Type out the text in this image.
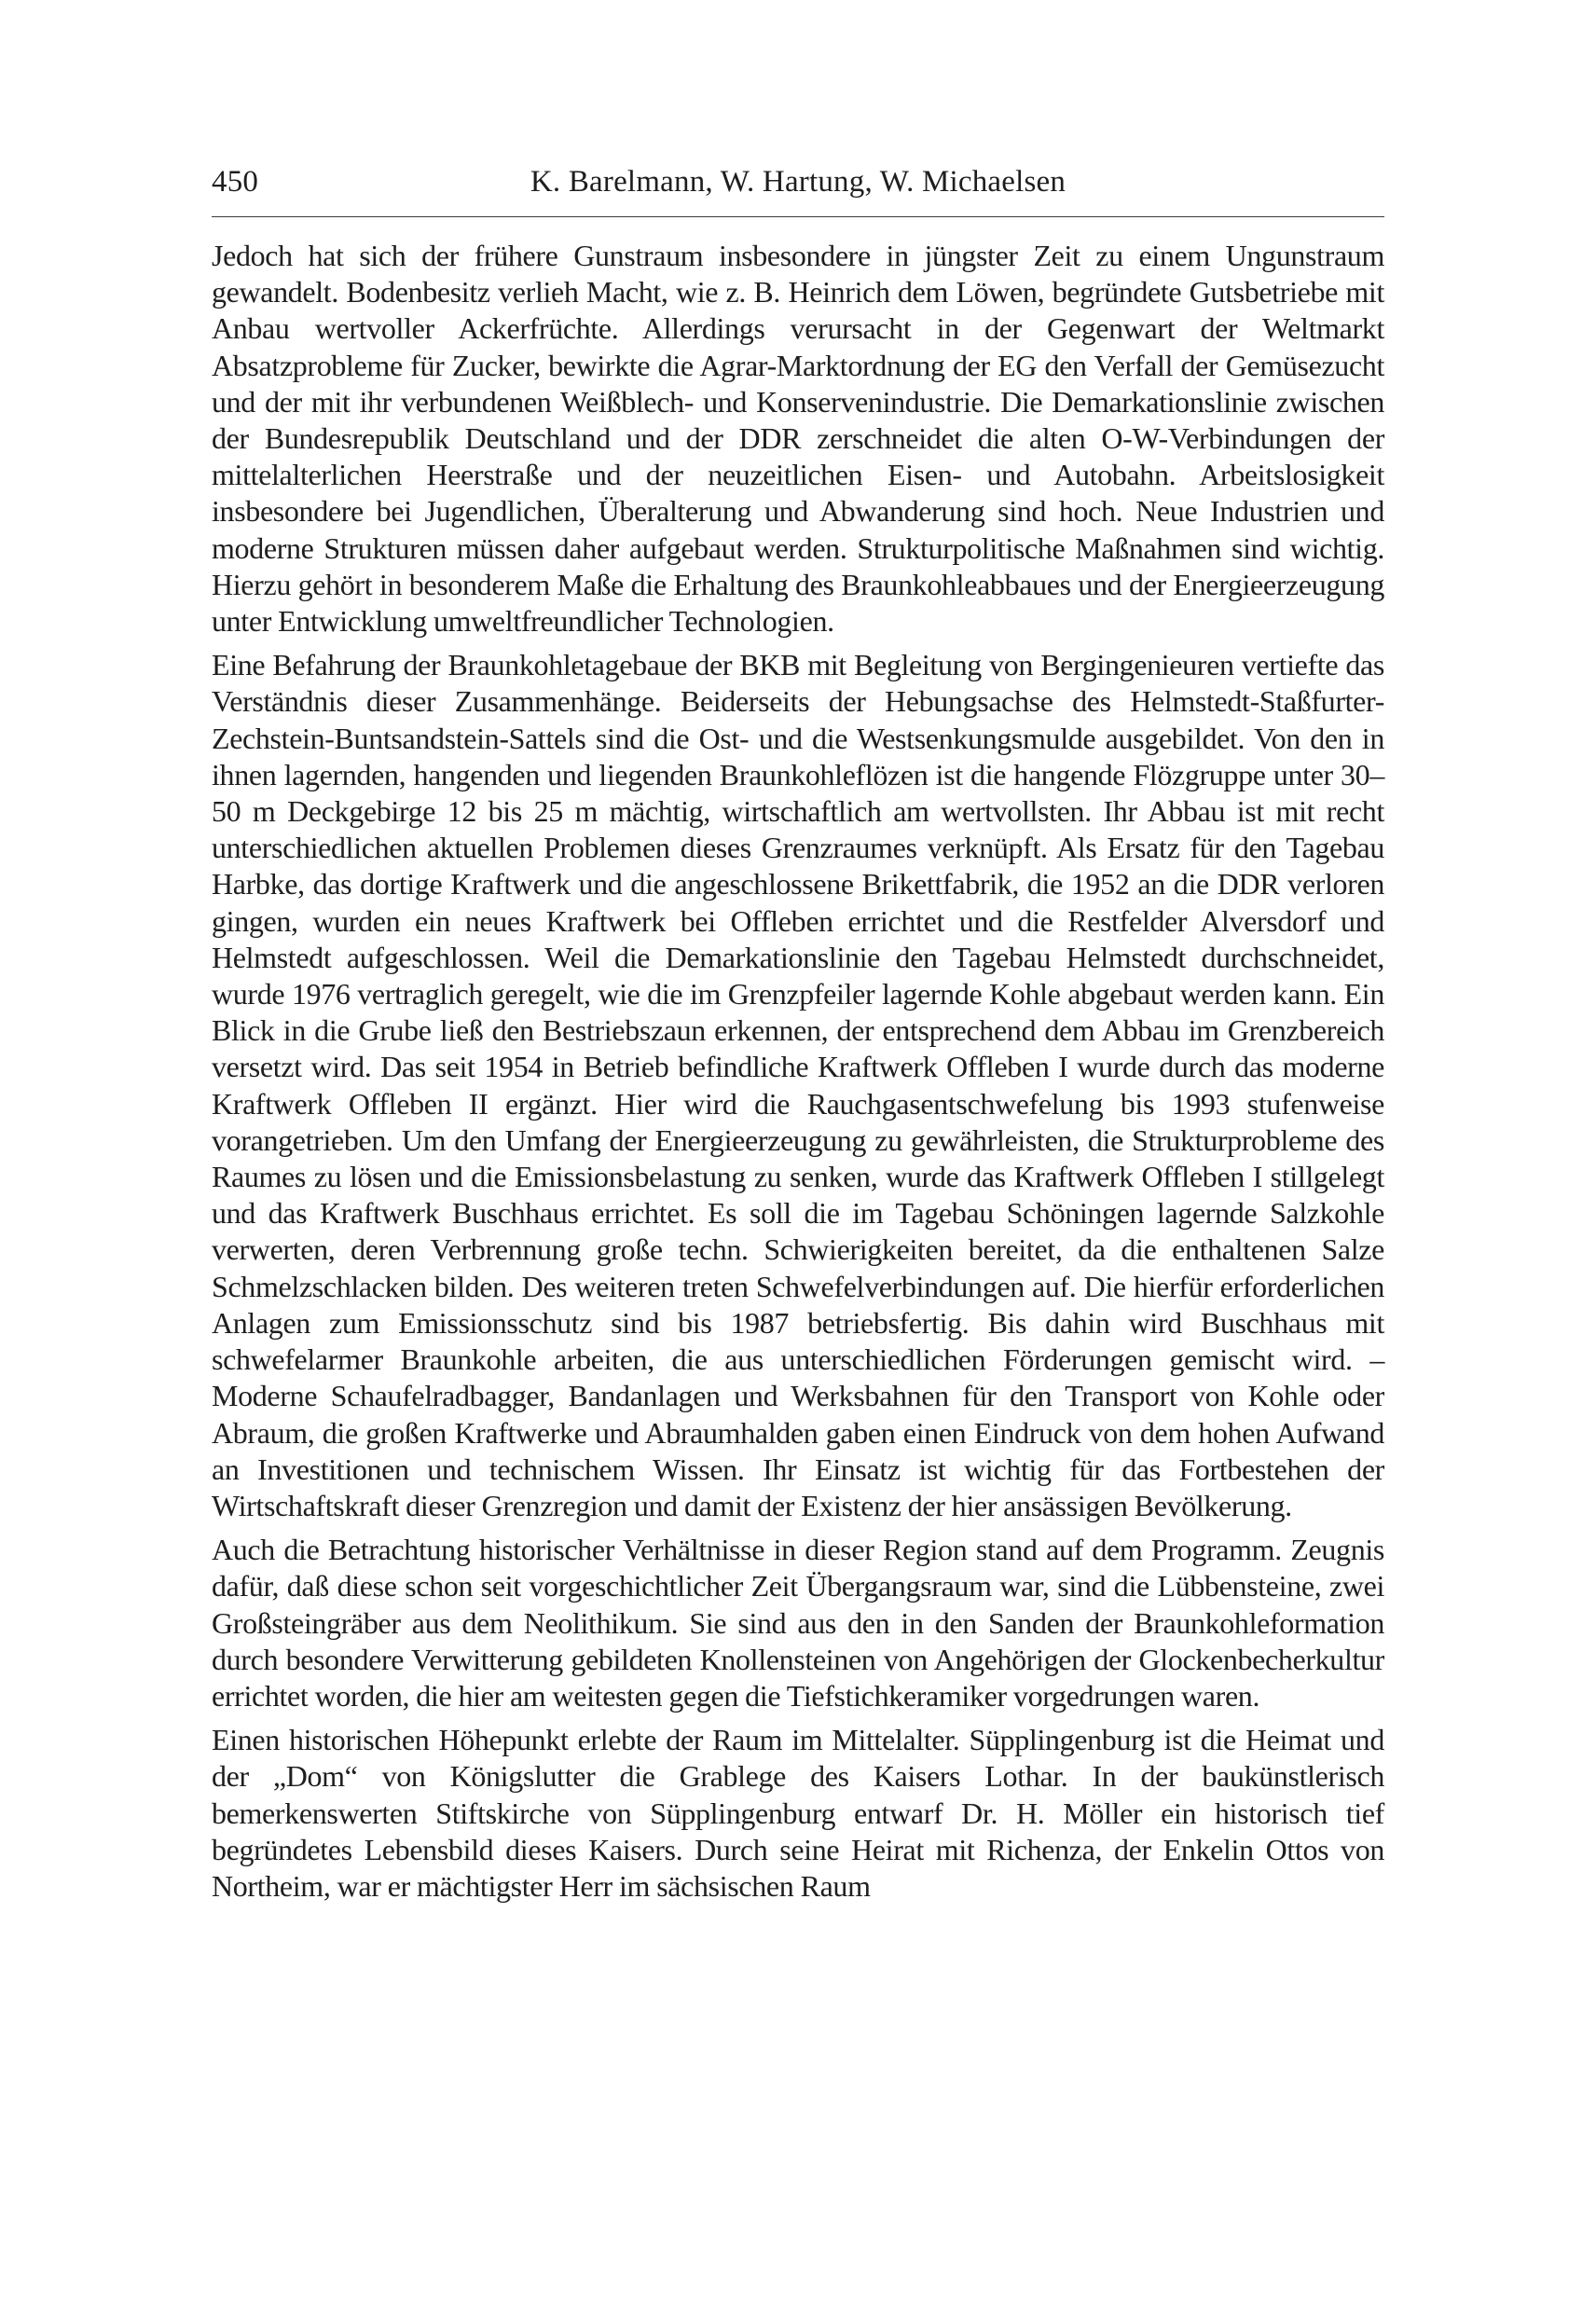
450	K. Barelmann, W. Hartung, W. Michaelsen

Jedoch hat sich der frühere Gunstraum insbesondere in jüngster Zeit zu einem Ungunstraum gewandelt. Bodenbesitz verlieh Macht, wie z. B. Heinrich dem Löwen, begründete Gutsbetriebe mit Anbau wertvoller Ackerfrüchte. Allerdings verursacht in der Gegenwart der Weltmarkt Absatzprobleme für Zucker, bewirkte die Agrar-Marktordnung der EG den Verfall der Gemüsezucht und der mit ihr verbundenen Weißblech- und Konservenindustrie. Die Demarkationslinie zwischen der Bundesrepublik Deutschland und der DDR zerschneidet die alten O-W-Verbindungen der mittelalterlichen Heerstraße und der neuzeitlichen Eisen- und Autobahn. Arbeitslosigkeit insbesondere bei Jugendlichen, Überalterung und Abwanderung sind hoch. Neue Industrien und moderne Strukturen müssen daher aufgebaut werden. Strukturpolitische Maßnahmen sind wichtig. Hierzu gehört in besonderem Maße die Erhaltung des Braunkohleabbaues und der Energieerzeugung unter Entwicklung umweltfreundlicher Technologien.

Eine Befahrung der Braunkohletagebaue der BKB mit Begleitung von Bergingenieuren vertiefte das Verständnis dieser Zusammenhänge. Beiderseits der Hebungsachse des Helmstedt-Staßfurter-Zechstein-Buntsandstein-Sattels sind die Ost- und die Westsenkungsmulde ausgebildet. Von den in ihnen lagernden, hangenden und liegenden Braunkohleflözen ist die hangende Flözgruppe unter 30–50 m Deckgebirge 12 bis 25 m mächtig, wirtschaftlich am wertvollsten. Ihr Abbau ist mit recht unterschiedlichen aktuellen Problemen dieses Grenzraumes verknüpft. Als Ersatz für den Tagebau Harbke, das dortige Kraftwerk und die angeschlossene Brikettfabrik, die 1952 an die DDR verloren gingen, wurden ein neues Kraftwerk bei Offleben errichtet und die Restfelder Alversdorf und Helmstedt aufgeschlossen. Weil die Demarkationslinie den Tagebau Helmstedt durchschneidet, wurde 1976 vertraglich geregelt, wie die im Grenzpfeiler lagernde Kohle abgebaut werden kann. Ein Blick in die Grube ließ den Bestriebszaun erkennen, der entsprechend dem Abbau im Grenzbereich versetzt wird. Das seit 1954 in Betrieb befindliche Kraftwerk Offleben I wurde durch das moderne Kraftwerk Offleben II ergänzt. Hier wird die Rauchgasentschwefelung bis 1993 stufenweise vorangetrieben. Um den Umfang der Energieerzeugung zu gewährleisten, die Strukturprobleme des Raumes zu lösen und die Emissionsbelastung zu senken, wurde das Kraftwerk Offleben I stillgelegt und das Kraftwerk Buschhaus errichtet. Es soll die im Tagebau Schöningen lagernde Salzkohle verwerten, deren Verbrennung große techn. Schwierigkeiten bereitet, da die enthaltenen Salze Schmelzschlacken bilden. Des weiteren treten Schwefelverbindungen auf. Die hierfür erforderlichen Anlagen zum Emissionsschutz sind bis 1987 betriebsfertig. Bis dahin wird Buschhaus mit schwefelarmer Braunkohle arbeiten, die aus unterschiedlichen Förderungen gemischt wird. – Moderne Schaufelradbagger, Bandanlagen und Werksbahnen für den Transport von Kohle oder Abraum, die großen Kraftwerke und Abraumhalden gaben einen Eindruck von dem hohen Aufwand an Investitionen und technischem Wissen. Ihr Einsatz ist wichtig für das Fortbestehen der Wirtschaftskraft dieser Grenzregion und damit der Existenz der hier ansässigen Bevölkerung.

Auch die Betrachtung historischer Verhältnisse in dieser Region stand auf dem Programm. Zeugnis dafür, daß diese schon seit vorgeschichtlicher Zeit Übergangsraum war, sind die Lübbensteine, zwei Großsteingräber aus dem Neolithikum. Sie sind aus den in den Sanden der Braunkohleformation durch besondere Verwitterung gebildeten Knollensteinen von Angehörigen der Glockenbecherkultur errichtet worden, die hier am weitesten gegen die Tiefstichkeramiker vorgedrungen waren.

Einen historischen Höhepunkt erlebte der Raum im Mittelalter. Süpplingenburg ist die Heimat und der „Dom“ von Königslutter die Grablege des Kaisers Lothar. In der baukünstlerisch bemerkenswerten Stiftskirche von Süpplingenburg entwarf Dr. H. Möller ein historisch tief begründetes Lebensbild dieses Kaisers. Durch seine Heirat mit Richenza, der Enkelin Ottos von Northeim, war er mächtigster Herr im sächsischen Raum
